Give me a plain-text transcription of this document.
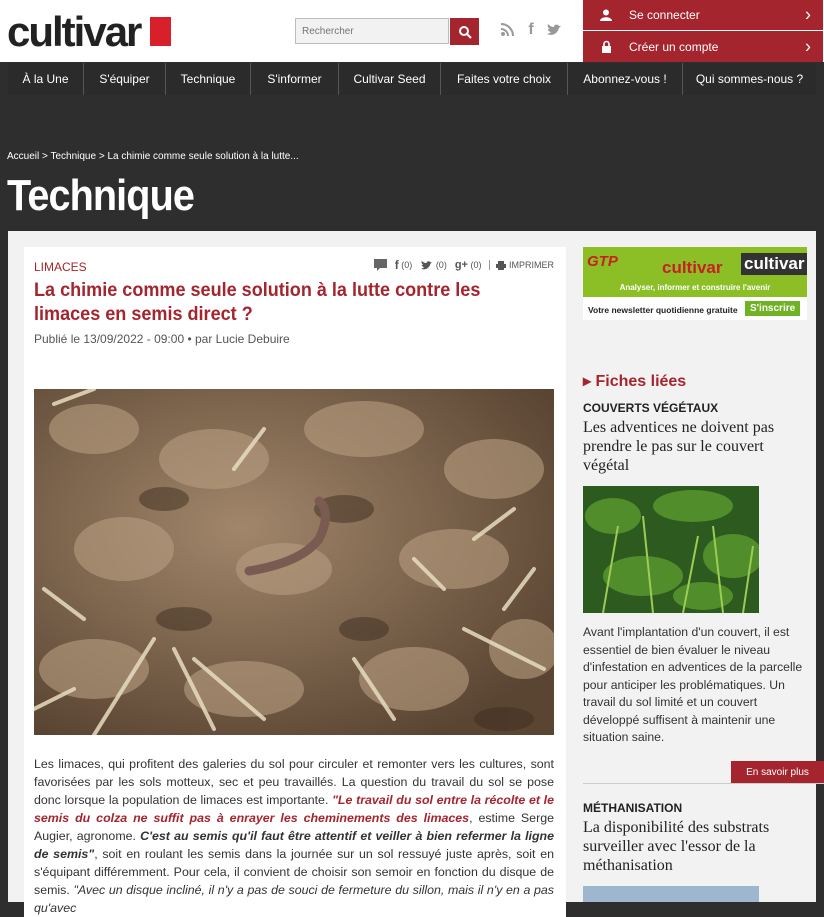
cultivar
Rechercher	f
Se connecter	›
Créer un compte	›
À la Une	S'équiper	Technique	S'informer	Cultivar Seed	Faites votre choix	Abonnez-vous !	Qui sommes-nous ?
Accueil > Technique > La chimie comme seule solution à la lutte...
Technique
LIMACES	f
(0)
	(0) g+
(0)
	IMPRIMER
La chimie comme seule solution à la lutte contre les limaces en semis direct ?
Publié le 13/09/2022 - 09:00 • par Lucie Debuire
Les limaces, qui profitent des galeries du sol pour circuler et remonter vers les cultures, sont favorisées par les sols motteux, sec et peu travaillés. La question du travail du sol se pose donc lorsque la population de limaces est importante. "Le travail du sol entre la récolte et le semis du colza ne suffit pas à enrayer les cheminements des limaces, estime Serge Augier, agronome. C'est au semis qu'il faut être attentif et veiller à bien refermer la ligne de semis", soit en roulant les semis dans la journée sur un sol ressuyé juste après, soit en s'équipant différemment. Pour cela, il convient de choisir son semoir en fonction du disque de semis. "Avec un disque incliné, il n'y a pas de souci de fermeture du sillon, mais il n'y en a pas qu'avec
GTP	cultivar cultivar
Analyser, informer et construire l'avenir
Votre newsletter quotidienne gratuite	S'inscrire
▸ Fiches liées
COUVERTS VÉGÉTAUX
Les adventices ne doivent pas prendre le pas sur le couvert végétal
Avant l'implantation d'un couvert, il est essentiel de bien évaluer le niveau d'infestation en adventices de la parcelle pour anticiper les problématiques. Un travail du sol limité et un couvert développé suffisent à maintenir une situation saine.
En savoir plus
MÉTHANISATION
La disponibilité des substrats surveiller avec l'essor de la méthanisation
